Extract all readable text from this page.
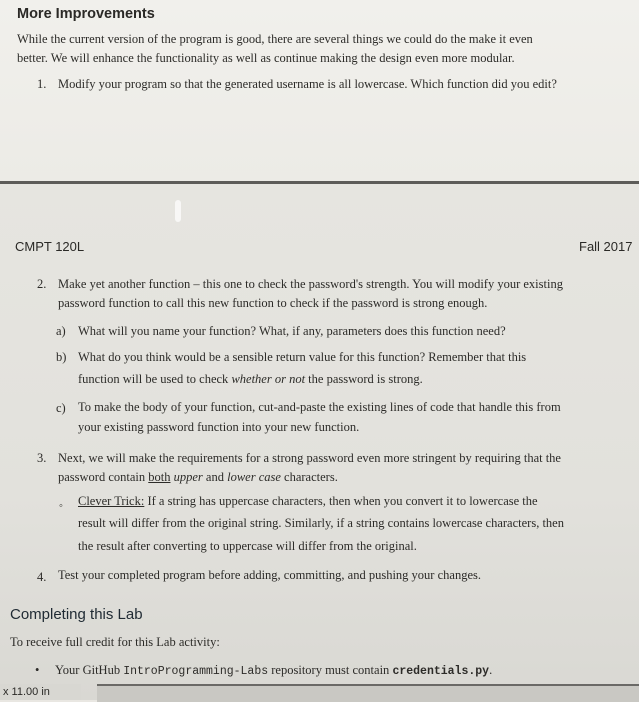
More Improvements
While the current version of the program is good, there are several things we could do the make it even
better. We will enhance the functionality as well as continue making the design even more modular.
1. Modify your program so that the generated username is all lowercase. Which function did you edit?
CMPT 120L	Fall 2017
2. Make yet another function – this one to check the password's strength. You will modify your existing
password function to call this new function to check if the password is strong enough.
a) What will you name your function? What, if any, parameters does this function need?
b) What do you think would be a sensible return value for this function? Remember that this
function will be used to check whether or not the password is strong.
c) To make the body of your function, cut-and-paste the existing lines of code that handle this from
your existing password function into your new function.
3. Next, we will make the requirements for a strong password even more stringent by requiring that the
password contain both upper and lower case characters.
◦ Clever Trick: If a string has uppercase characters, then when you convert it to lowercase the
result will differ from the original string. Similarly, if a string contains lowercase characters, then
the result after converting to uppercase will differ from the original.
4. Test your completed program before adding, committing, and pushing your changes.
Completing this Lab
To receive full credit for this Lab activity:
• Your GitHub IntroProgramming-Labs repository must contain credentials.py.
x 11.00 in
